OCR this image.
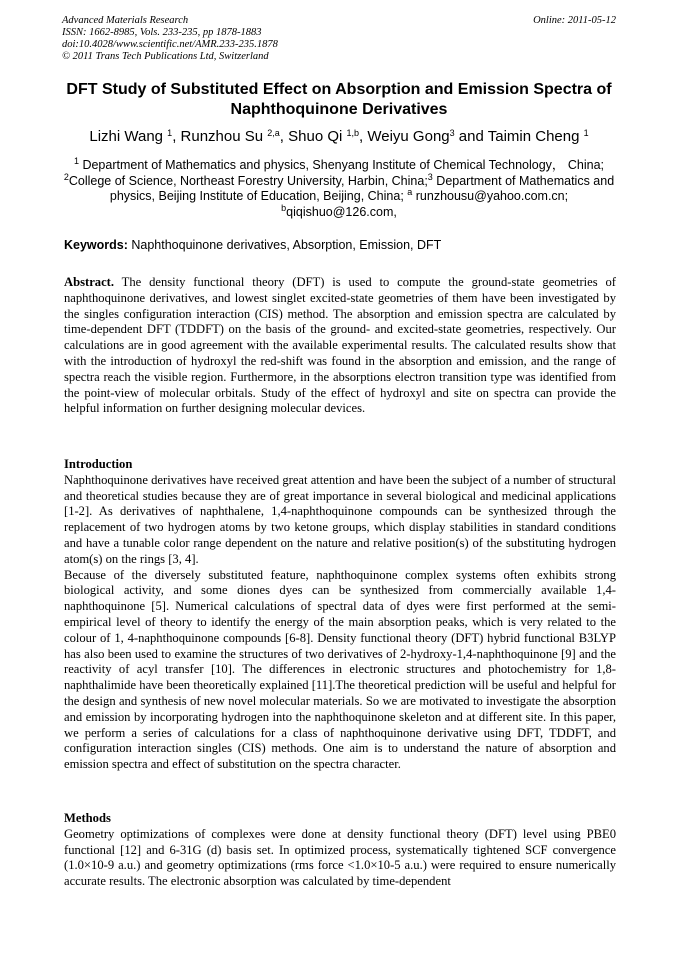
Advanced Materials Research
ISSN: 1662-8985, Vols. 233-235, pp 1878-1883
doi:10.4028/www.scientific.net/AMR.233-235.1878
© 2011 Trans Tech Publications Ltd, Switzerland
Online: 2011-05-12
DFT Study of Substituted Effect on Absorption and Emission Spectra of Naphthoquinone Derivatives
Lizhi Wang $^1$, Runzhou Su $^{2,a}$, Shuo Qi $^{1,b}$, Weiyu Gong$^3$ and Taimin Cheng $^1$
$^1$ Department of Mathematics and physics, Shenyang Institute of Chemical Technology， China;
$^2$College of Science, Northeast Forestry University, Harbin, China;$^3$ Department of Mathematics and physics, Beijing Institute of Education, Beijing, China; $^a$ runzhousu@yahoo.com.cn;
$^b$qiqishuo@126.com,
Keywords: Naphthoquinone derivatives, Absorption, Emission, DFT

Abstract. The density functional theory (DFT) is used to compute the ground-state geometries of naphthoquinone derivatives, and lowest singlet excited-state geometries of them have been investigated by the singles configuration interaction (CIS) method. The absorption and emission spectra are calculated by time-dependent DFT (TDDFT) on the basis of the ground- and excited-state geometries, respectively. Our calculations are in good agreement with the available experimental results. The calculated results show that with the introduction of hydroxyl the red-shift was found in the absorption and emission, and the range of spectra reach the visible region. Furthermore, in the absorptions electron transition type was identified from the point-view of molecular orbitals. Study of the effect of hydroxyl and site on spectra can provide the helpful information on further designing molecular devices.

Introduction

Naphthoquinone derivatives have received great attention and have been the subject of a number of structural and theoretical studies because they are of great importance in several biological and medicinal applications [1-2]. As derivatives of naphthalene, 1,4-naphthoquinone compounds can be synthesized through the replacement of two hydrogen atoms by two ketone groups, which display stabilities in standard conditions and have a tunable color range dependent on the nature and relative position(s) of the substituting hydrogen atom(s) on the rings [3, 4].

Because of the diversely substituted feature, naphthoquinone complex systems often exhibits strong biological activity, and some diones dyes can be synthesized from commercially available 1,4-naphthoquinone [5]. Numerical calculations of spectral data of dyes were first performed at the semi-empirical level of theory to identify the energy of the main absorption peaks, which is very related to the colour of 1, 4-naphthoquinone compounds [6-8]. Density functional theory (DFT) hybrid functional B3LYP has also been used to examine the structures of two derivatives of 2-hydroxy-1,4-naphthoquinone [9] and the reactivity of acyl transfer [10]. The differences in electronic structures and photochemistry for 1,8-naphthalimide have been theoretically explained [11].The theoretical prediction will be useful and helpful for the design and synthesis of new novel molecular materials. So we are motivated to investigate the absorption and emission by incorporating hydrogen into the naphthoquinone skeleton and at different site. In this paper, we perform a series of calculations for a class of naphthoquinone derivative using DFT, TDDFT, and configuration interaction singles (CIS) methods. One aim is to understand the nature of absorption and emission spectra and effect of substitution on the spectra character.

Methods

Geometry optimizations of complexes were done at density functional theory (DFT) level using PBE0 functional [12] and 6-31G (d) basis set. In optimized process, systematically tightened SCF convergence (1.0×10-9 a.u.) and geometry optimizations (rms force <1.0×10-5 a.u.) were required to ensure numerically accurate results. The electronic absorption was calculated by time-dependent
